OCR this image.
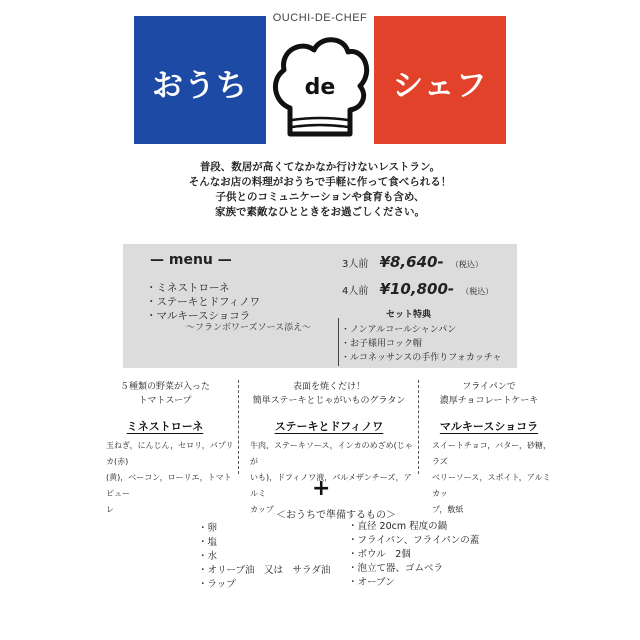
おうち	シェフ
OUCHI-DE-CHEF
de
普段、数居が高くてなかなか行けないレストラン。
そんなお店の料理がおうちで手軽に作って食べられる！
子供とのコミュニケーションや食育も含め、
家族で素敵なひとときをお過ごしください。
— menu —
・ミネストローネ
・ステーキとドフィノワ
・マルキースショコラ
～フランボワーズソース添え～
3人前 ¥8,640- （税込）
4人前 ¥10,800- （税込）
セット特典
・ノンアルコールシャンパン
・お子様用コック帽
・ルコネッサンスの手作りフォカッチャ
５種類の野菜が入った
トマトスープ
ミネストローネ
玉ねぎ，にんじん，セロリ，パプリカ(赤)
(黄)，ベーコン，ローリエ，トマトピュー
レ
表面を焼くだけ！
簡単ステーキとじゃがいものグラタン
ステーキとドフィノワ
牛肉，ステーキソース，インカのめざめ(じゃが
いも)，ドフィノワ液，パルメザンチーズ，アルミ
カップ
フライパンで
濃厚チョコレートケーキ
マルキースショコラ
スイートチョコ，バター，砂糖，ラズ
ベリーソース，スポイト，アルミカッ
プ，敷紙
+
＜おうちで準備するもの＞
・卵
・塩
・水
・オリーブ油　又は　サラダ油
・ラップ
・直径 20cm 程度の鍋
・フライパン、フライパンの蓋
・ボウル　2個
・泡立て器、ゴムベラ
・オーブン
